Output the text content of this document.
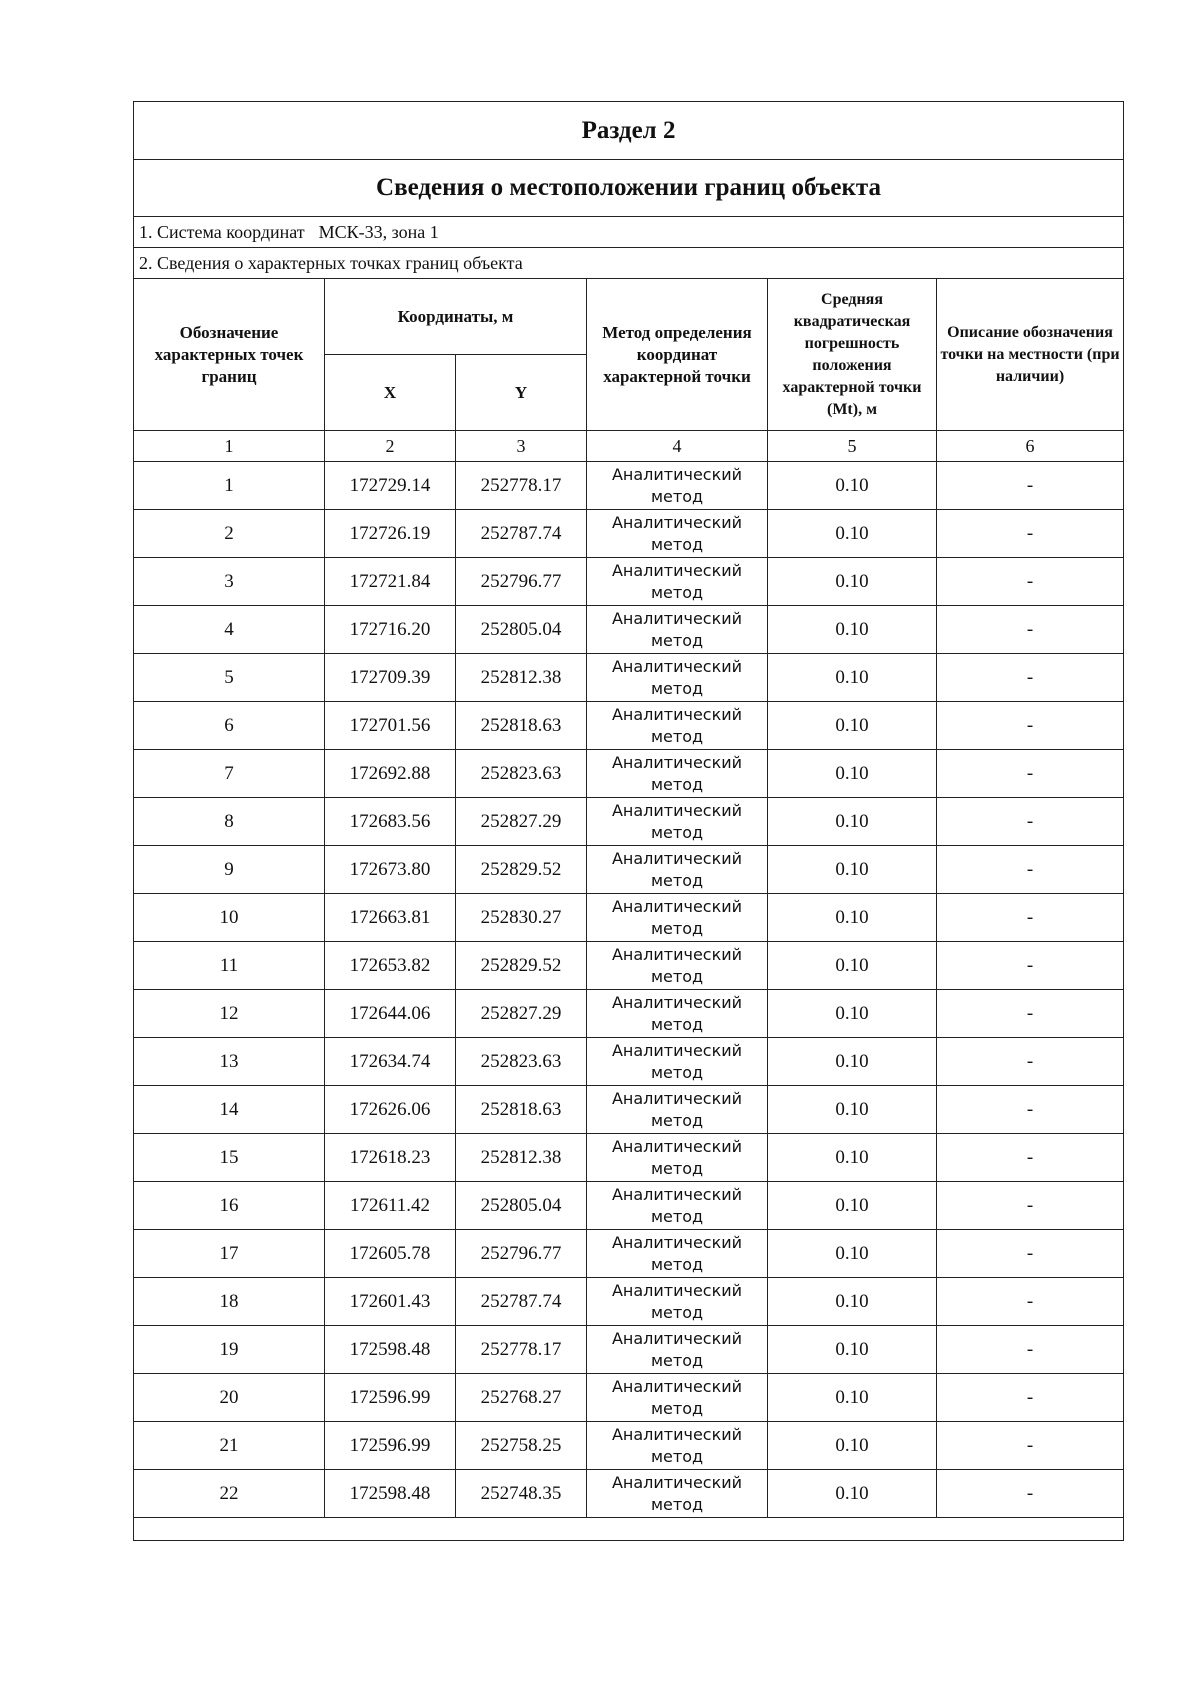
Раздел 2					
Сведения о местоположении границ объекта					
1. Система координат МСК-33, зона 1					
2. Сведения о характерных точках границ объекта					
Обозначение характерных точек границ	Координаты, м		Метод определения координат характерной точки	Средняя квадратическая погрешность положения характерной точки (Mt), м	Описание обозначения точки на местности (при наличии)
	X	Y			
1	2	3	4	5	6
1	172729.14	252778.17	Аналитический метод	0.10	-
2	172726.19	252787.74	Аналитический метод	0.10	-
3	172721.84	252796.77	Аналитический метод	0.10	-
4	172716.20	252805.04	Аналитический метод	0.10	-
5	172709.39	252812.38	Аналитический метод	0.10	-
6	172701.56	252818.63	Аналитический метод	0.10	-
7	172692.88	252823.63	Аналитический метод	0.10	-
8	172683.56	252827.29	Аналитический метод	0.10	-
9	172673.80	252829.52	Аналитический метод	0.10	-
10	172663.81	252830.27	Аналитический метод	0.10	-
11	172653.82	252829.52	Аналитический метод	0.10	-
12	172644.06	252827.29	Аналитический метод	0.10	-
13	172634.74	252823.63	Аналитический метод	0.10	-
14	172626.06	252818.63	Аналитический метод	0.10	-
15	172618.23	252812.38	Аналитический метод	0.10	-
16	172611.42	252805.04	Аналитический метод	0.10	-
17	172605.78	252796.77	Аналитический метод	0.10	-
18	172601.43	252787.74	Аналитический метод	0.10	-
19	172598.48	252778.17	Аналитический метод	0.10	-
20	172596.99	252768.27	Аналитический метод	0.10	-
21	172596.99	252758.25	Аналитический метод	0.10	-
22	172598.48	252748.35	Аналитический метод	0.10	-
